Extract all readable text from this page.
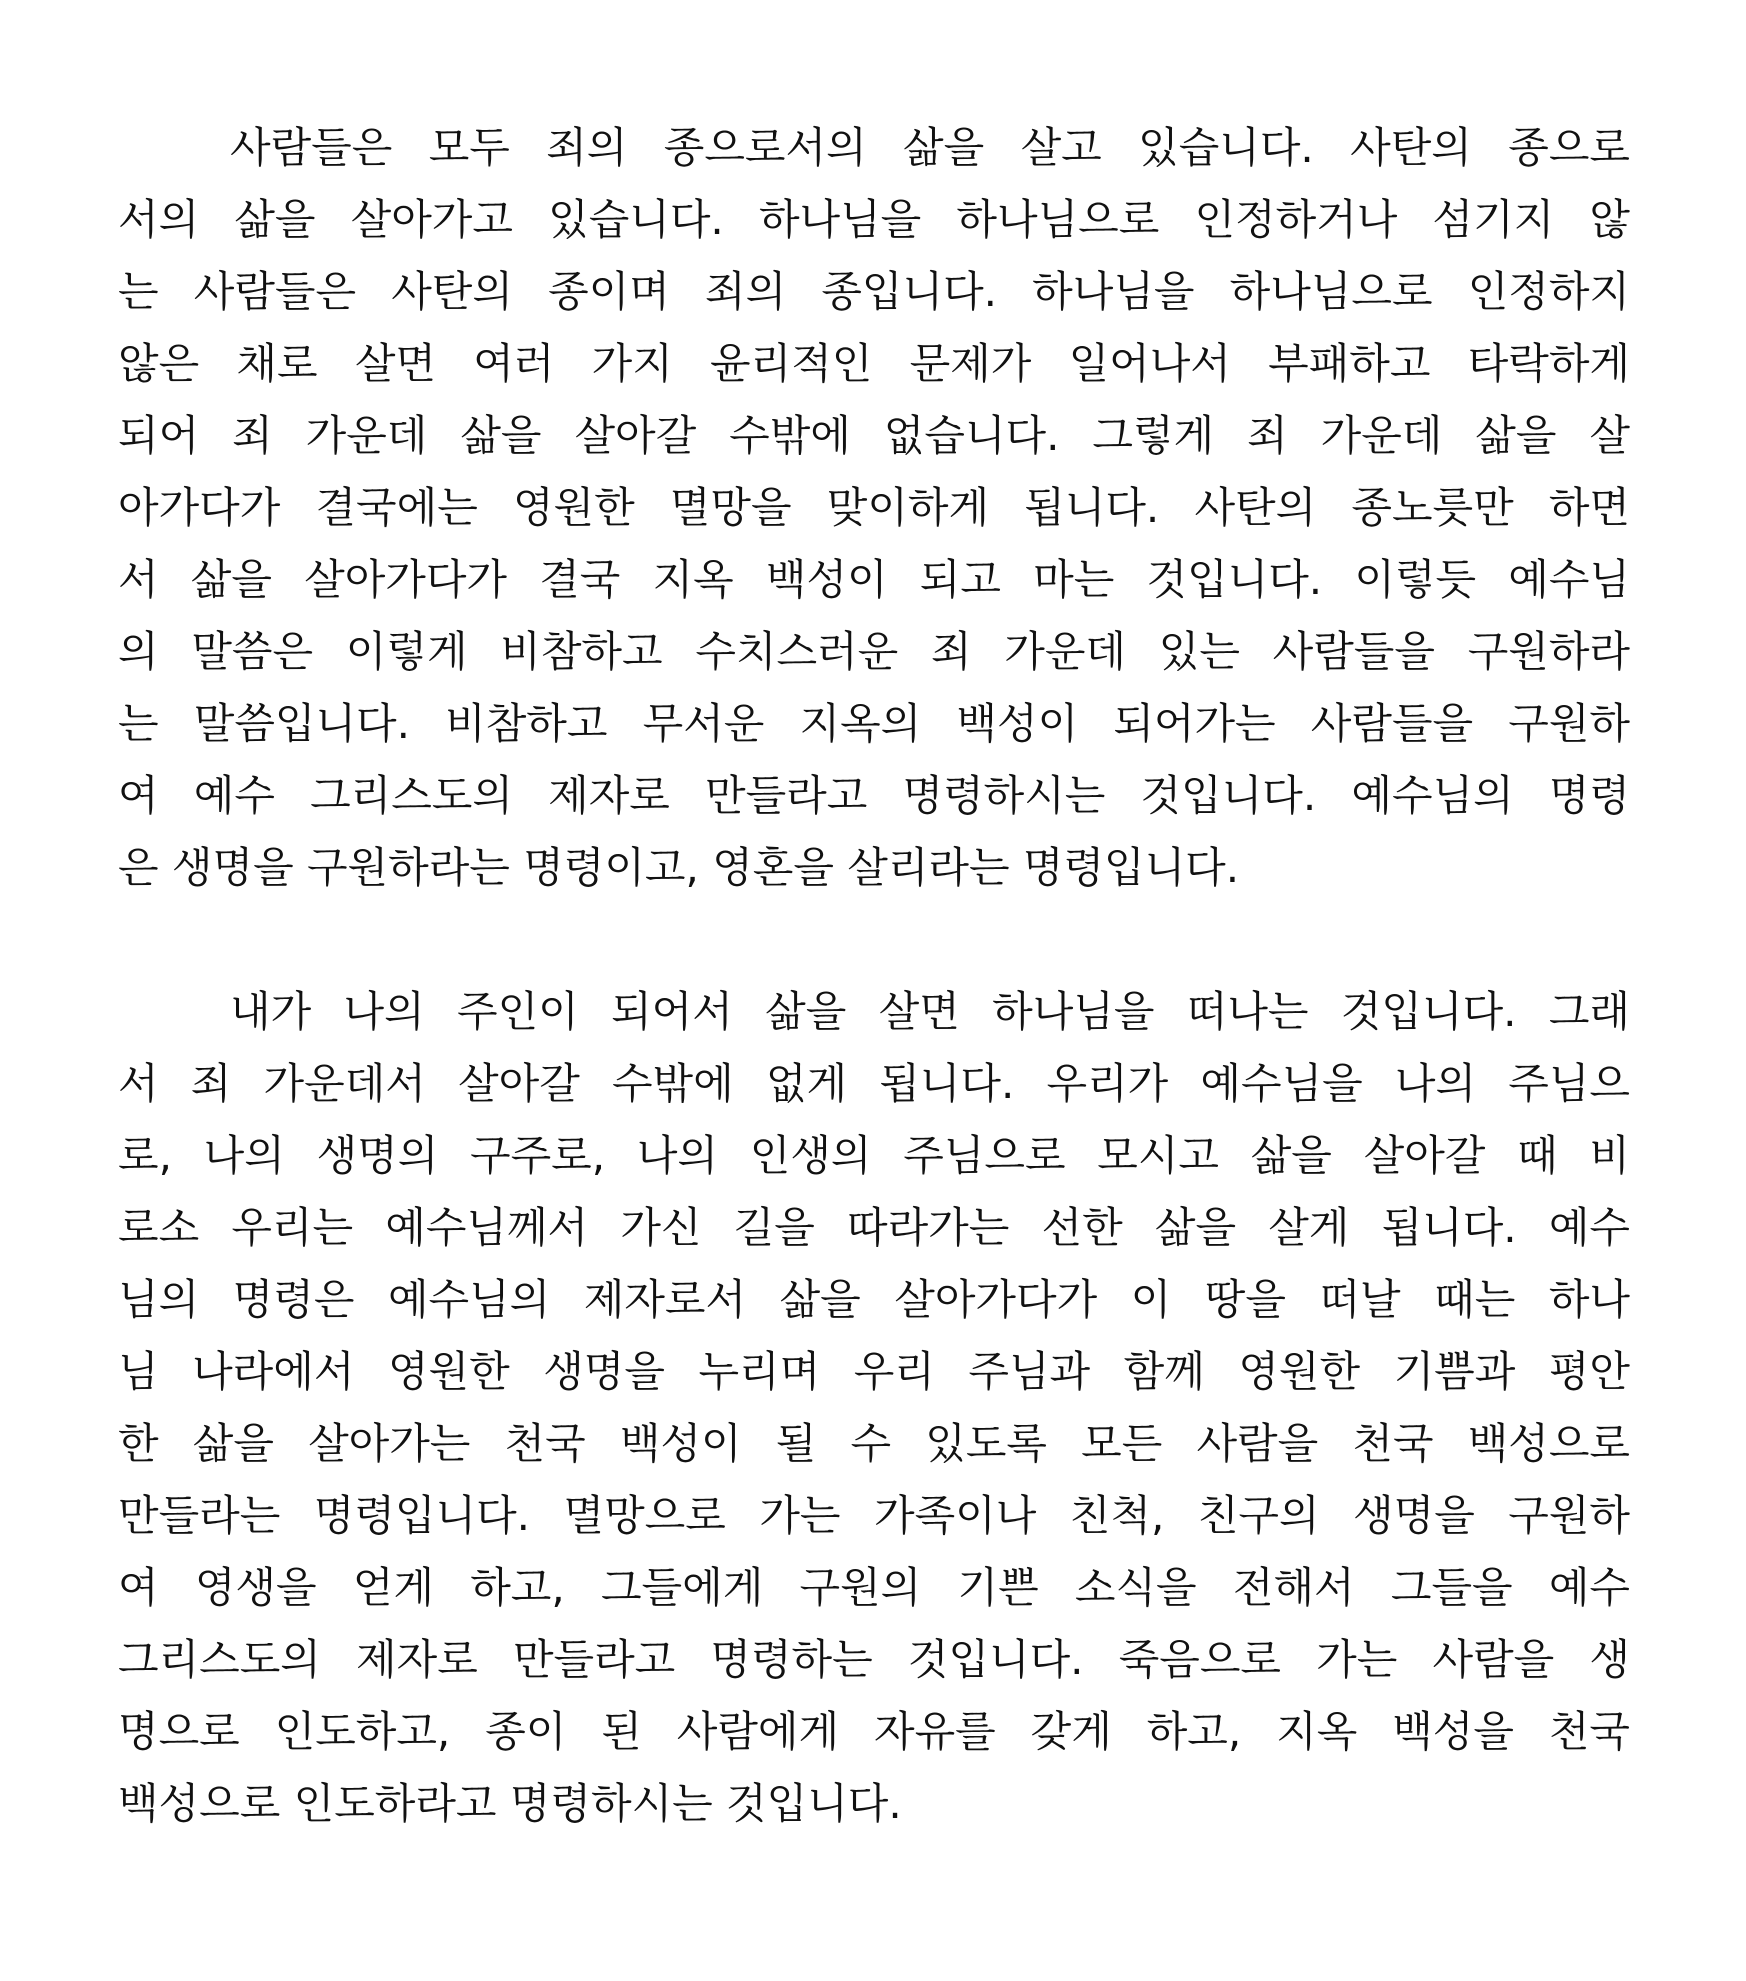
사람들은 모두 죄의 종으로서의 삶을 살고 있습니다. 사탄의 종으로
서의 삶을 살아가고 있습니다. 하나님을 하나님으로 인정하거나 섬기지 않
는 사람들은 사탄의 종이며 죄의 종입니다. 하나님을 하나님으로 인정하지
않은 채로 살면 여러 가지 윤리적인 문제가 일어나서 부패하고 타락하게
되어 죄 가운데 삶을 살아갈 수밖에 없습니다. 그렇게 죄 가운데 삶을 살
아가다가 결국에는 영원한 멸망을 맞이하게 됩니다. 사탄의 종노릇만 하면
서 삶을 살아가다가 결국 지옥 백성이 되고 마는 것입니다. 이렇듯 예수님
의 말씀은 이렇게 비참하고 수치스러운 죄 가운데 있는 사람들을 구원하라
는 말씀입니다. 비참하고 무서운 지옥의 백성이 되어가는 사람들을 구원하
여 예수 그리스도의 제자로 만들라고 명령하시는 것입니다. 예수님의 명령
은 생명을 구원하라는 명령이고, 영혼을 살리라는 명령입니다.
내가 나의 주인이 되어서 삶을 살면 하나님을 떠나는 것입니다. 그래
서 죄 가운데서 살아갈 수밖에 없게 됩니다. 우리가 예수님을 나의 주님으
로, 나의 생명의 구주로, 나의 인생의 주님으로 모시고 삶을 살아갈 때 비
로소 우리는 예수님께서 가신 길을 따라가는 선한 삶을 살게 됩니다. 예수
님의 명령은 예수님의 제자로서 삶을 살아가다가 이 땅을 떠날 때는 하나
님 나라에서 영원한 생명을 누리며 우리 주님과 함께 영원한 기쁨과 평안
한 삶을 살아가는 천국 백성이 될 수 있도록 모든 사람을 천국 백성으로
만들라는 명령입니다. 멸망으로 가는 가족이나 친척, 친구의 생명을 구원하
여 영생을 얻게 하고, 그들에게 구원의 기쁜 소식을 전해서 그들을 예수
그리스도의 제자로 만들라고 명령하는 것입니다. 죽음으로 가는 사람을 생
명으로 인도하고, 종이 된 사람에게 자유를 갖게 하고, 지옥 백성을 천국
백성으로 인도하라고 명령하시는 것입니다.
